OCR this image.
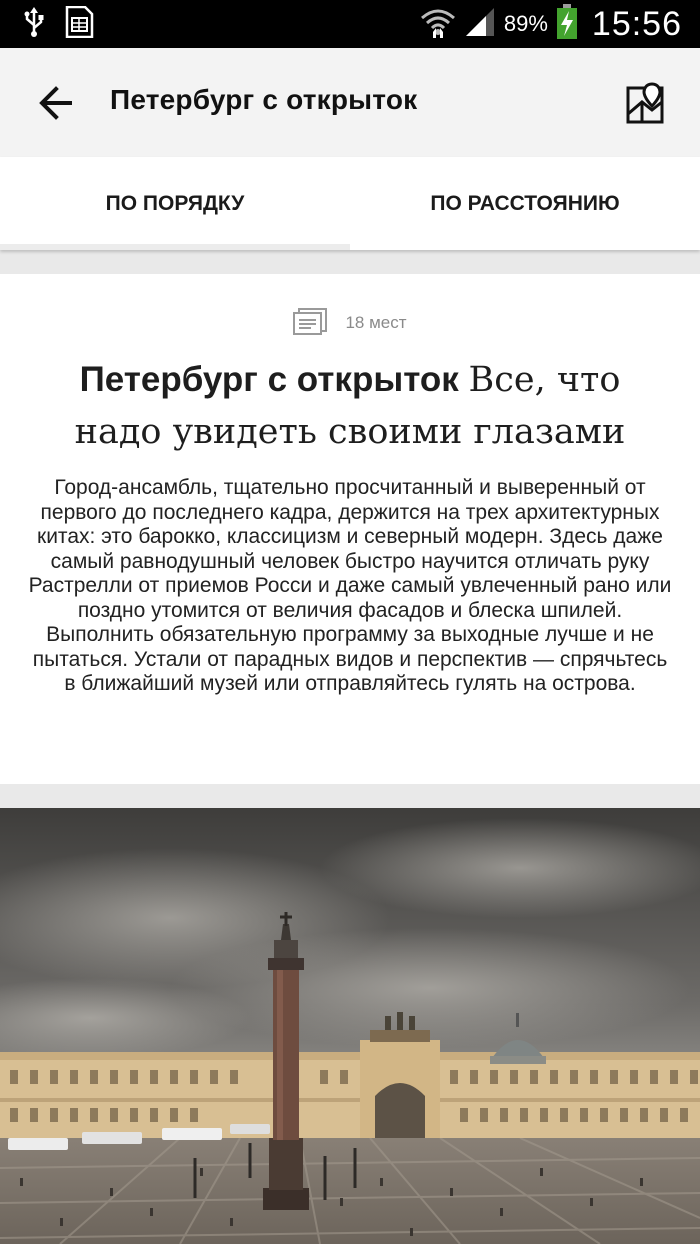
89% 15:56
Петербург с открыток
ПО ПОРЯДКУ	ПО РАССТОЯНИЮ
18 мест
Петербург с открыток Все, что надо увидеть своими глазами
Город-ансамбль, тщательно просчитанный и выверенный от первого до последнего кадра, держится на трех архитектурных китах: это барокко, классицизм и северный модерн. Здесь даже самый равнодушный человек быстро научится отличать руку Растрелли от приемов Росси и даже самый увлеченный рано или поздно утомится от величия фасадов и блеска шпилей. Выполнить обязательную программу за выходные лучше и не пытаться. Устали от парадных видов и перспектив — спрячьтесь в ближайший музей или отправляйтесь гулять на острова.
